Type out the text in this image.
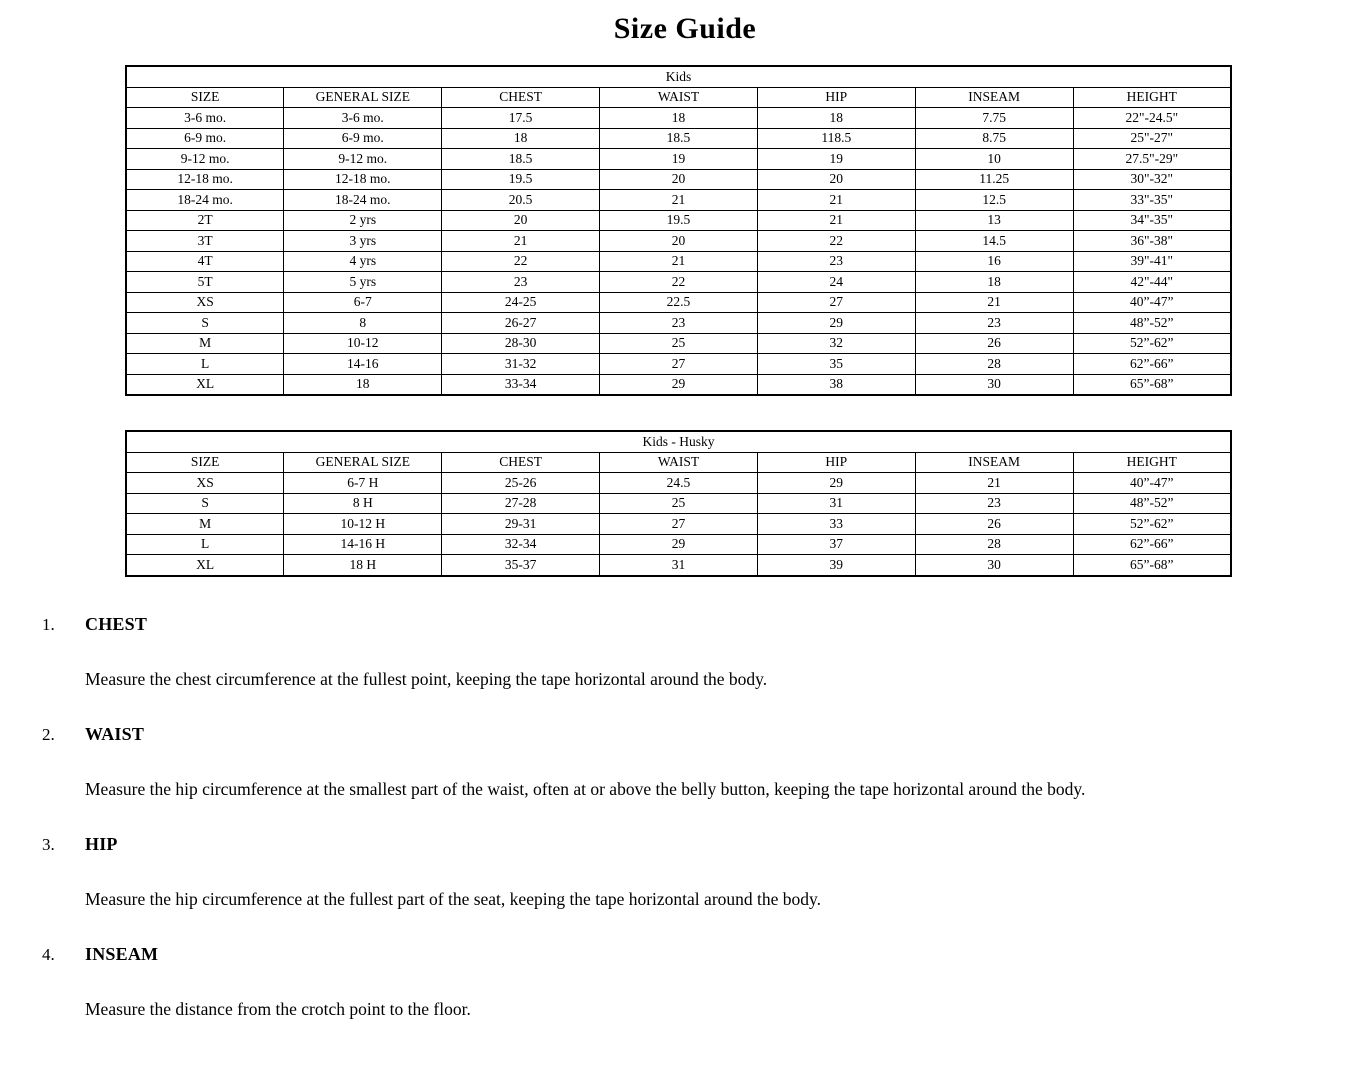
Size Guide
Kids						
SIZE	GENERAL SIZE	CHEST	WAIST	HIP	INSEAM	HEIGHT
3-6 mo.	3-6 mo.	17.5	18	18	7.75	22"-24.5"
6-9 mo.	6-9 mo.	18	18.5	118.5	8.75	25"-27"
9-12 mo.	9-12 mo.	18.5	19	19	10	27.5"-29"
12-18 mo.	12-18 mo.	19.5	20	20	11.25	30"-32"
18-24 mo.	18-24 mo.	20.5	21	21	12.5	33"-35"
2T	2 yrs	20	19.5	21	13	34"-35"
3T	3 yrs	21	20	22	14.5	36"-38"
4T	4 yrs	22	21	23	16	39"-41"
5T	5 yrs	23	22	24	18	42"-44"
XS	6-7	24-25	22.5	27	21	40”-47”
S	8	26-27	23	29	23	48”-52”
M	10-12	28-30	25	32	26	52”-62”
L	14-16	31-32	27	35	28	62”-66”
XL	18	33-34	29	38	30	65”-68”
Kids - Husky						
SIZE	GENERAL SIZE	CHEST	WAIST	HIP	INSEAM	HEIGHT
XS	6-7 H	25-26	24.5	29	21	40”-47”
S	8 H	27-28	25	31	23	48”-52”
M	10-12 H	29-31	27	33	26	52”-62”
L	14-16 H	32-34	29	37	28	62”-66”
XL	18 H	35-37	31	39	30	65”-68”
1.	CHEST
Measure the chest circumference at the fullest point, keeping the tape horizontal around the body.
2.	WAIST
Measure the hip circumference at the smallest part of the waist, often at or above the belly button, keeping the tape horizontal around the body.
3.	HIP
Measure the hip circumference at the fullest part of the seat, keeping the tape horizontal around the body.
4.	INSEAM
Measure the distance from the crotch point to the floor.
